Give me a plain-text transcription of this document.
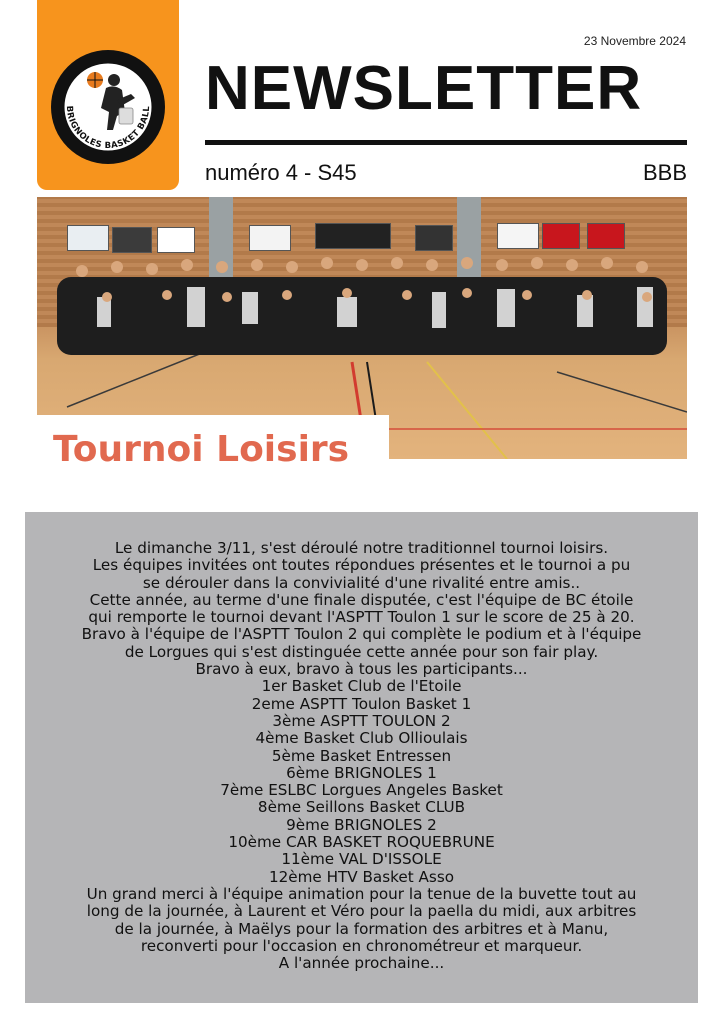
BRIGNOLES BASKET BALL
23 Novembre 2024
NEWSLETTER
numéro 4 - S45	BBB
Tournoi Loisirs
Le dimanche 3/11, s'est déroulé notre traditionnel tournoi loisirs.
Les équipes invitées ont toutes répondues présentes et le tournoi a pu
se dérouler dans la convivialité d'une rivalité entre amis..
Cette année, au terme d'une finale disputée, c'est l'équipe de BC étoile
qui remporte le tournoi devant l'ASPTT Toulon 1 sur le score de 25 à 20.
Bravo à l'équipe de l'ASPTT Toulon 2 qui complète le podium et à l'équipe
de Lorgues qui s'est distinguée cette année pour son fair play.
Bravo à eux, bravo à tous les participants...
1er Basket Club de l'Etoile
2eme ASPTT Toulon Basket 1
3ème ASPTT TOULON 2
4ème Basket Club Ollioulais
5ème Basket Entressen
6ème BRIGNOLES 1
7ème ESLBC Lorgues Angeles Basket
8ème Seillons Basket CLUB
9ème BRIGNOLES 2
10ème CAR BASKET ROQUEBRUNE
11ème VAL D'ISSOLE
12ème HTV Basket Asso
Un grand merci à l'équipe animation pour la tenue de la buvette tout au
long de la journée, à Laurent et Véro pour la paella du midi, aux arbitres
de la journée, à Maëlys pour la formation des arbitres et à Manu,
reconverti pour l'occasion en chronométreur et marqueur.
A l'année prochaine...
